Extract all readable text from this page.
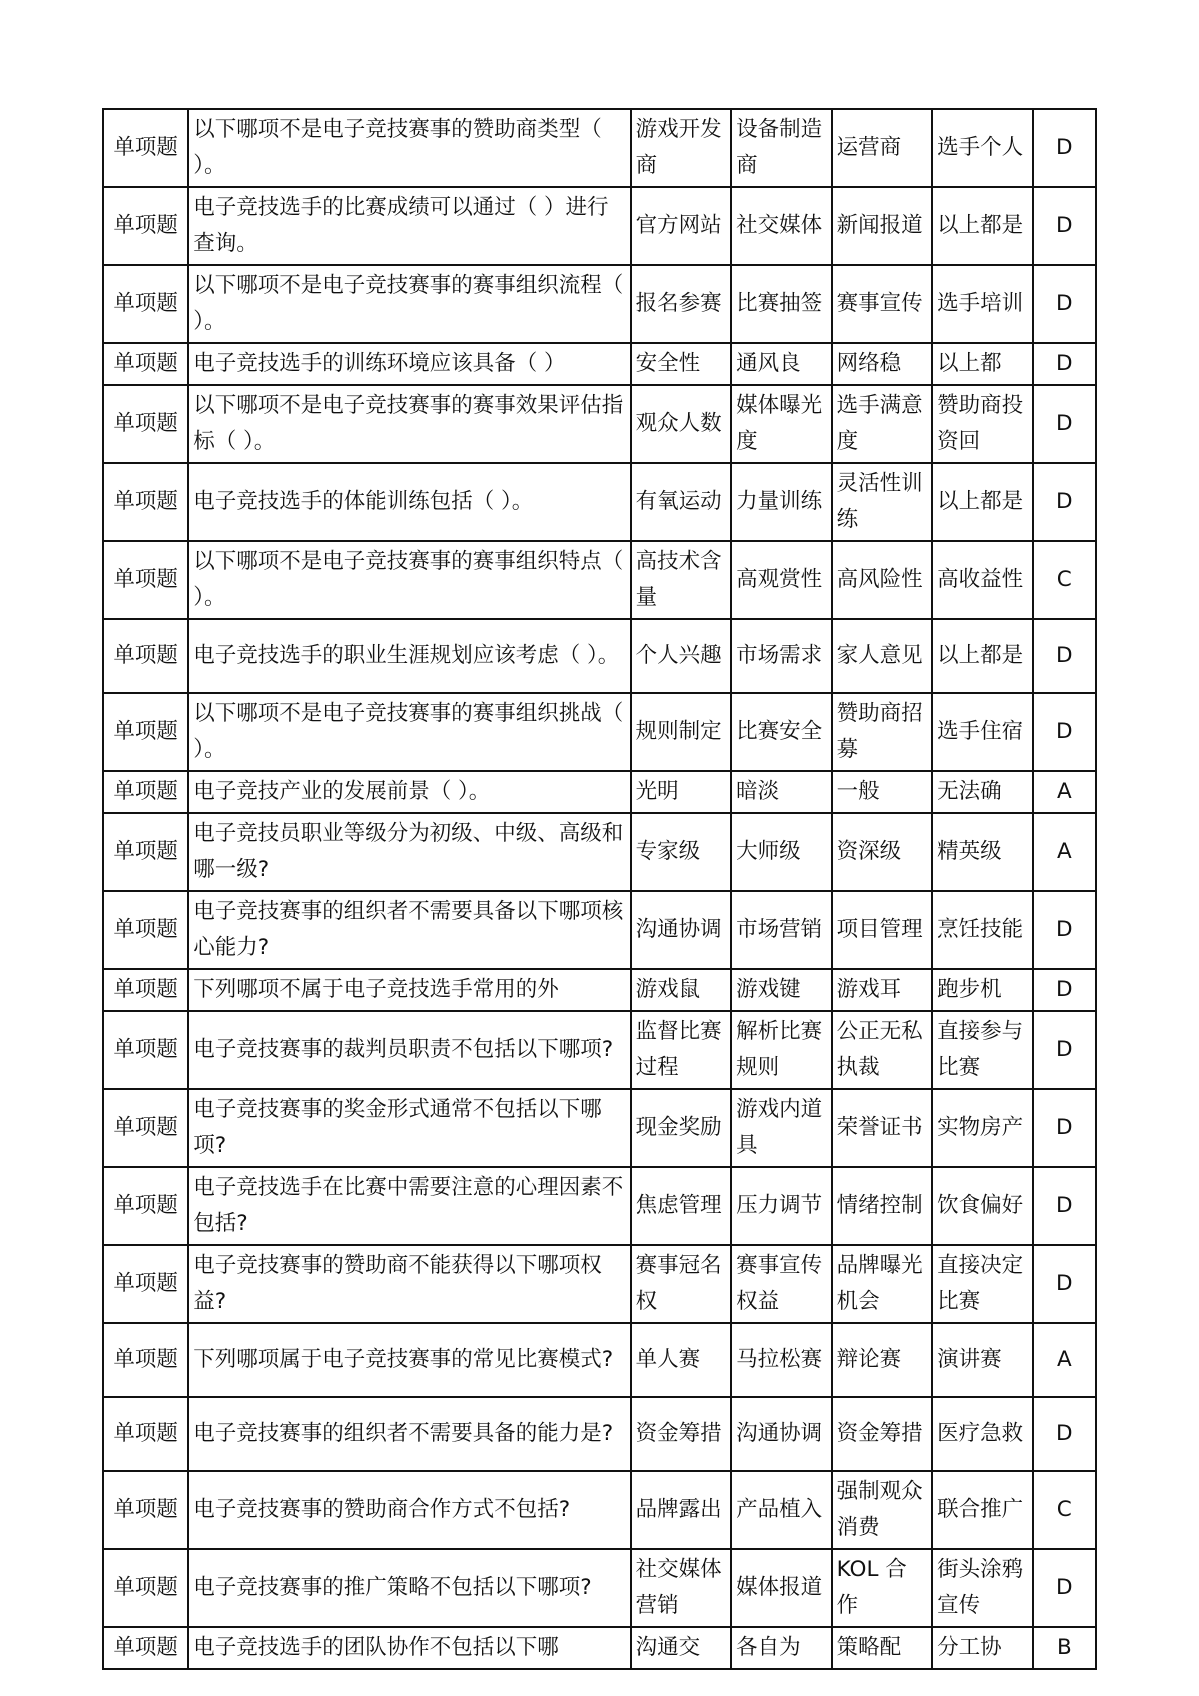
单项题	以下哪项不是电子竞技赛事的赞助商类型（ ）。	游戏开发商	设备制造商	运营商	选手个人	D
单项题	电子竞技选手的比赛成绩可以通过（ ）进行查询。	官方网站	社交媒体	新闻报道	以上都是	D
单项题	以下哪项不是电子竞技赛事的赛事组织流程（ ）。	报名参赛	比赛抽签	赛事宣传	选手培训	D
单项题	电子竞技选手的训练环境应该具备（ ）	安全性	通风良	网络稳	以上都	D
单项题	以下哪项不是电子竞技赛事的赛事效果评估指标（ ）。	观众人数	媒体曝光度	选手满意度	赞助商投资回	D
单项题	电子竞技选手的体能训练包括（ ）。	有氧运动	力量训练	灵活性训练	以上都是	D
单项题	以下哪项不是电子竞技赛事的赛事组织特点（ ）。	高技术含量	高观赏性	高风险性	高收益性	C
单项题	电子竞技选手的职业生涯规划应该考虑（ ）。	个人兴趣	市场需求	家人意见	以上都是	D
单项题	以下哪项不是电子竞技赛事的赛事组织挑战（ ）。	规则制定	比赛安全	赞助商招募	选手住宿	D
单项题	电子竞技产业的发展前景（ ）。	光明	暗淡	一般	无法确	A
单项题	电子竞技员职业等级分为初级、中级、高级和哪一级?	专家级	大师级	资深级	精英级	A
单项题	电子竞技赛事的组织者不需要具备以下哪项核心能力?	沟通协调	市场营销	项目管理	烹饪技能	D
单项题	下列哪项不属于电子竞技选手常用的外	游戏鼠	游戏键	游戏耳	跑步机	D
单项题	电子竞技赛事的裁判员职责不包括以下哪项?	监督比赛过程	解析比赛规则	公正无私执裁	直接参与比赛	D
单项题	电子竞技赛事的奖金形式通常不包括以下哪项?	现金奖励	游戏内道具	荣誉证书	实物房产	D
单项题	电子竞技选手在比赛中需要注意的心理因素不包括?	焦虑管理	压力调节	情绪控制	饮食偏好	D
单项题	电子竞技赛事的赞助商不能获得以下哪项权益?	赛事冠名权	赛事宣传权益	品牌曝光机会	直接决定比赛	D
单项题	下列哪项属于电子竞技赛事的常见比赛模式?	单人赛	马拉松赛	辩论赛	演讲赛	A
单项题	电子竞技赛事的组织者不需要具备的能力是?	资金筹措	沟通协调	资金筹措	医疗急救	D
单项题	电子竞技赛事的赞助商合作方式不包括?	品牌露出	产品植入	强制观众消费	联合推广	C
单项题	电子竞技赛事的推广策略不包括以下哪项?	社交媒体营销	媒体报道	KOL 合作	街头涂鸦宣传	D
单项题	电子竞技选手的团队协作不包括以下哪	沟通交	各自为	策略配	分工协	B
